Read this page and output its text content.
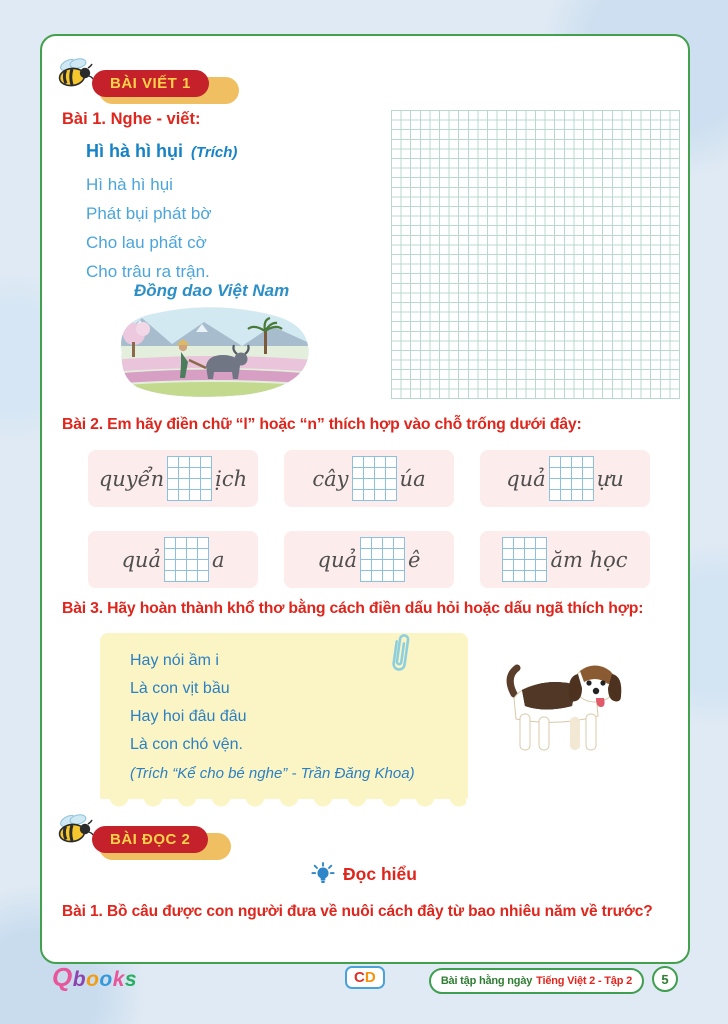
BÀI VIẾT 1
Bài 1. Nghe - viết:
Hì hà hì hụi (Trích)
Hì hà hì hụi
Phát bụi phát bờ
Cho lau phất cờ
Cho trâu ra trận.
Đồng dao Việt Nam
Bài 2. Em hãy điền chữ “l” hoặc “n” thích hợp vào chỗ trống dưới đây:
quyển ịch	cây úa	quả ựu
quả a	quả ê	ăm học
Bài 3. Hãy hoàn thành khổ thơ bằng cách điền dấu hỏi hoặc dấu ngã thích hợp:
Hay nói ầm i
Là con vịt bầu
Hay hoi đâu đâu
Là con chó vện.
(Trích “Kể cho bé nghe” - Trần Đăng Khoa)
BÀI ĐỌC 2
Đọc hiểu
Bài 1. Bồ câu được con người đưa về nuôi cách đây từ bao nhiêu năm về trước?
Qbooks	CD	Bài tập hằng ngày Tiếng Việt 2 - Tập 2	5
